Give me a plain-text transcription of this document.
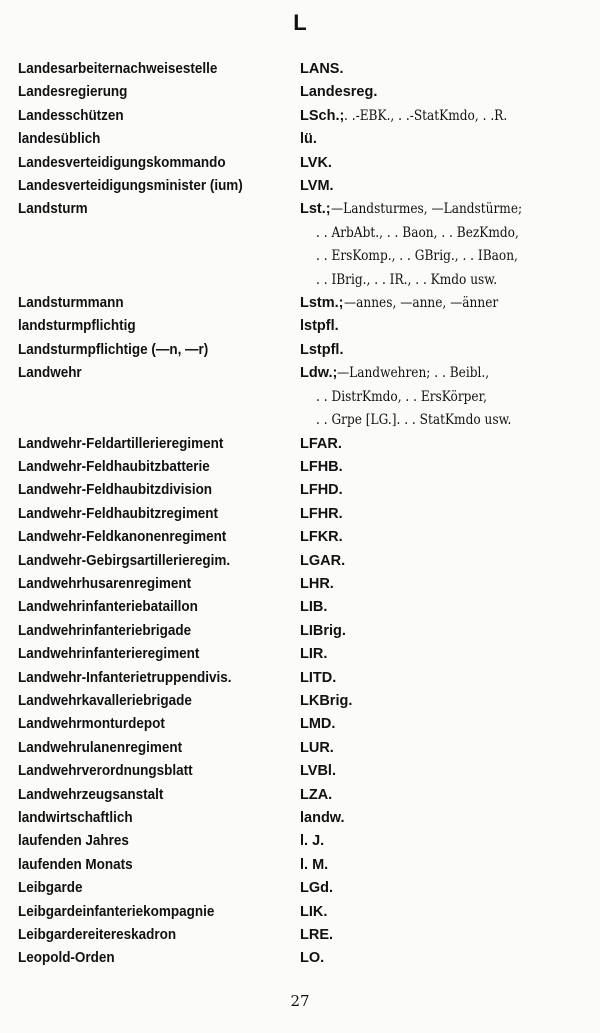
L
Landesarbeiternachweisestelle	LANS.
Landesregierung	Landesreg.
Landesschützen	LSch.;. .-EBK., . .-StatKmdo, . .R.
landesüblich	lü.
Landesverteidigungskommando	LVK.
Landesverteidigungsminister (ium)	LVM.
Landsturm	Lst.;—Landsturmes, —Landstürme;
. . ArbAbt., . . Baon, . . BezKmdo,
. . ErsKomp., . . GBrig., . . IBaon,
. . IBrig., . . IR., . . Kmdo usw.
Landsturmmann	Lstm.;—annes, —anne, —änner
landsturmpflichtig	lstpfl.
Landsturmpflichtige (—n, —r)	Lstpfl.
Landwehr	Ldw.;—Landwehren; . . Beibl.,
. . DistrKmdo, . . ErsKörper,
. . Grpe [LG.]. . . StatKmdo usw.
Landwehr-Feldartillerieregiment	LFAR.
Landwehr-Feldhaubitzbatterie	LFHB.
Landwehr-Feldhaubitzdivision	LFHD.
Landwehr-Feldhaubitzregiment	LFHR.
Landwehr-Feldkanonenregiment	LFKR.
Landwehr-Gebirgsartillerieregim.	LGAR.
Landwehrhusarenregiment	LHR.
Landwehrinfanteriebataillon	LIB.
Landwehrinfanteriebrigade	LIBrig.
Landwehrinfanterieregiment	LIR.
Landwehr-Infanterietruppendivis.	LITD.
Landwehrkavalleriebrigade	LKBrig.
Landwehrmonturdepot	LMD.
Landwehrulanenregiment	LUR.
Landwehrverordnungsblatt	LVBl.
Landwehrzeugsanstalt	LZA.
landwirtschaftlich	landw.
laufenden Jahres	l. J.
laufenden Monats	l. M.
Leibgarde	LGd.
Leibgardeinfanteriekompagnie	LIK.
Leibgardereitereskadron	LRE.
Leopold-Orden	LO.
27
